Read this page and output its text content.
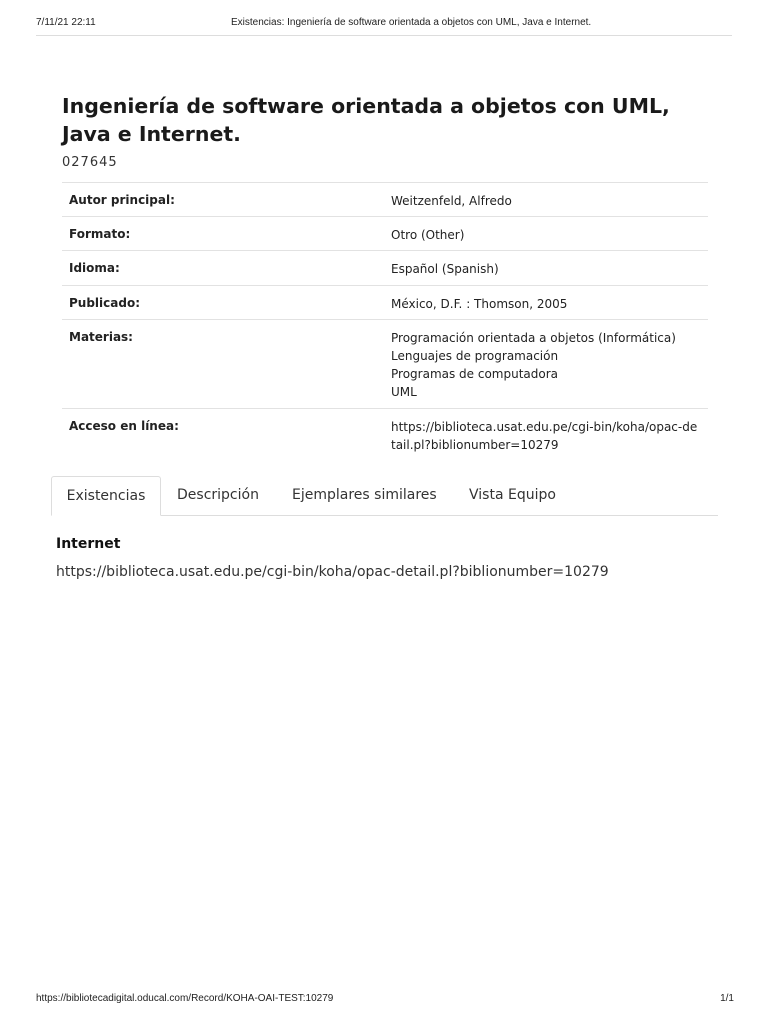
7/11/21 22:11	Existencias: Ingeniería de software orientada a objetos con UML, Java e Internet.
Ingeniería de software orientada a objetos con UML, Java e Internet.
027645
Autor principal:	Weitzenfeld, Alfredo
Formato:	Otro (Other)
Idioma:	Español (Spanish)
Publicado:	México, D.F. : Thomson, 2005
Materias:	Programación orientada a objetos (Informática)
Lenguajes de programación
Programas de computadora
UML
Acceso en línea:	https://biblioteca.usat.edu.pe/cgi-bin/koha/opac-detail.pl?biblionumber=10279
Existencias	Descripción Ejemplares similares Vista Equipo
Internet
https://biblioteca.usat.edu.pe/cgi-bin/koha/opac-detail.pl?biblionumber=10279
https://bibliotecadigital.oducal.com/Record/KOHA-OAI-TEST:10279	1/1
